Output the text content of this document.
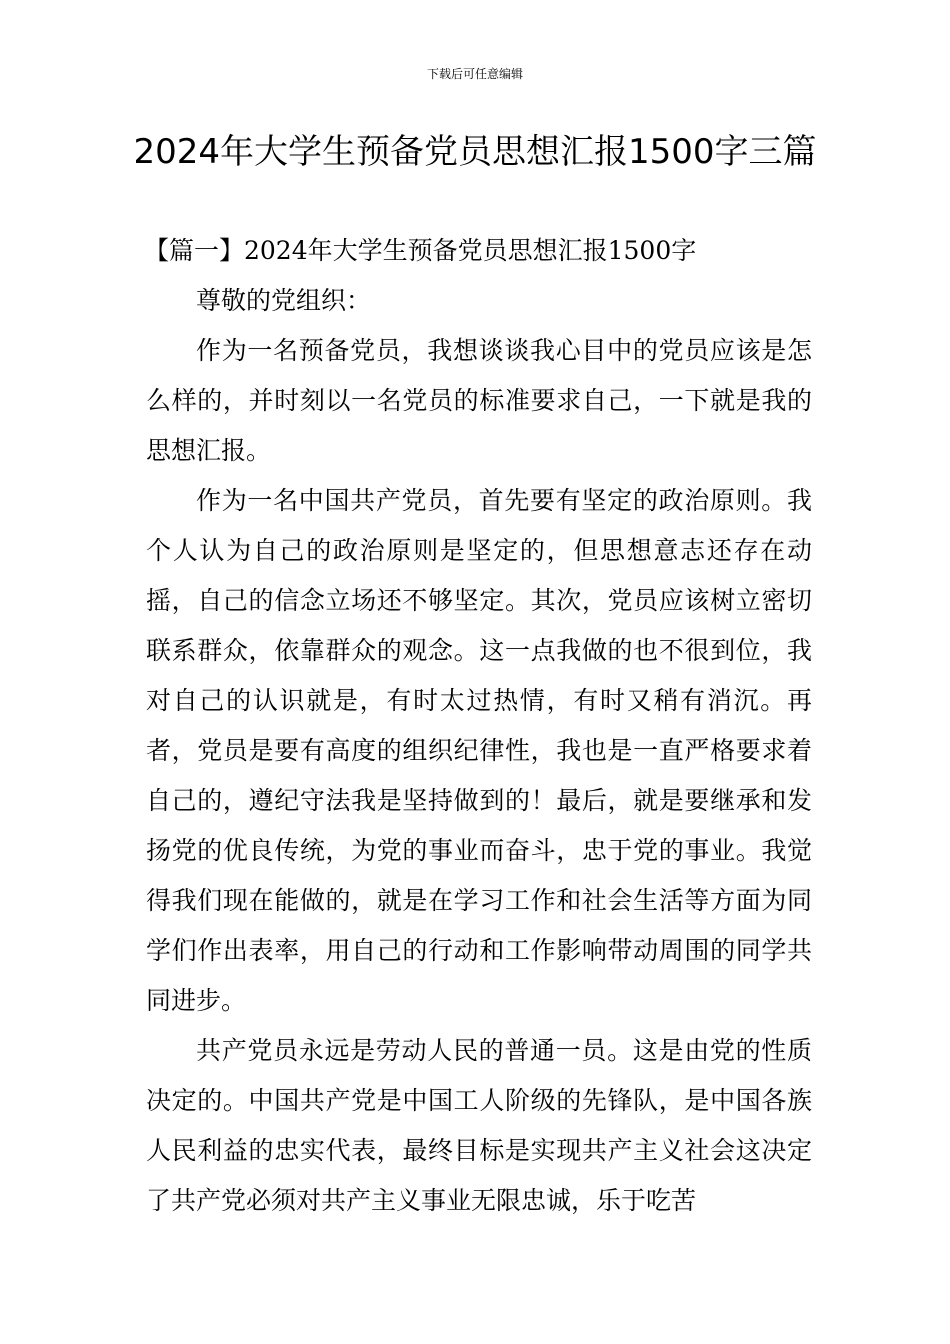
下载后可任意编辑
2024年大学生预备党员思想汇报1500字三篇
【篇一】2024年大学生预备党员思想汇报1500字

尊敬的党组织：

作为一名预备党员，我想谈谈我心目中的党员应该是怎么样的，并时刻以一名党员的标准要求自己，一下就是我的思想汇报。

作为一名中国共产党员，首先要有坚定的政治原则。我个人认为自己的政治原则是坚定的，但思想意志还存在动摇，自己的信念立场还不够坚定。其次，党员应该树立密切联系群众，依靠群众的观念。这一点我做的也不很到位，我对自己的认识就是，有时太过热情，有时又稍有消沉。再者，党员是要有高度的组织纪律性，我也是一直严格要求着自己的，遵纪守法我是坚持做到的！最后，就是要继承和发扬党的优良传统，为党的事业而奋斗，忠于党的事业。我觉得我们现在能做的，就是在学习工作和社会生活等方面为同学们作出表率，用自己的行动和工作影响带动周围的同学共同进步。

共产党员永远是劳动人民的普通一员。这是由党的性质决定的。中国共产党是中国工人阶级的先锋队，是中国各族人民利益的忠实代表，最终目标是实现共产主义社会这决定了共产党必须对共产主义事业无限忠诚，乐于吃苦
